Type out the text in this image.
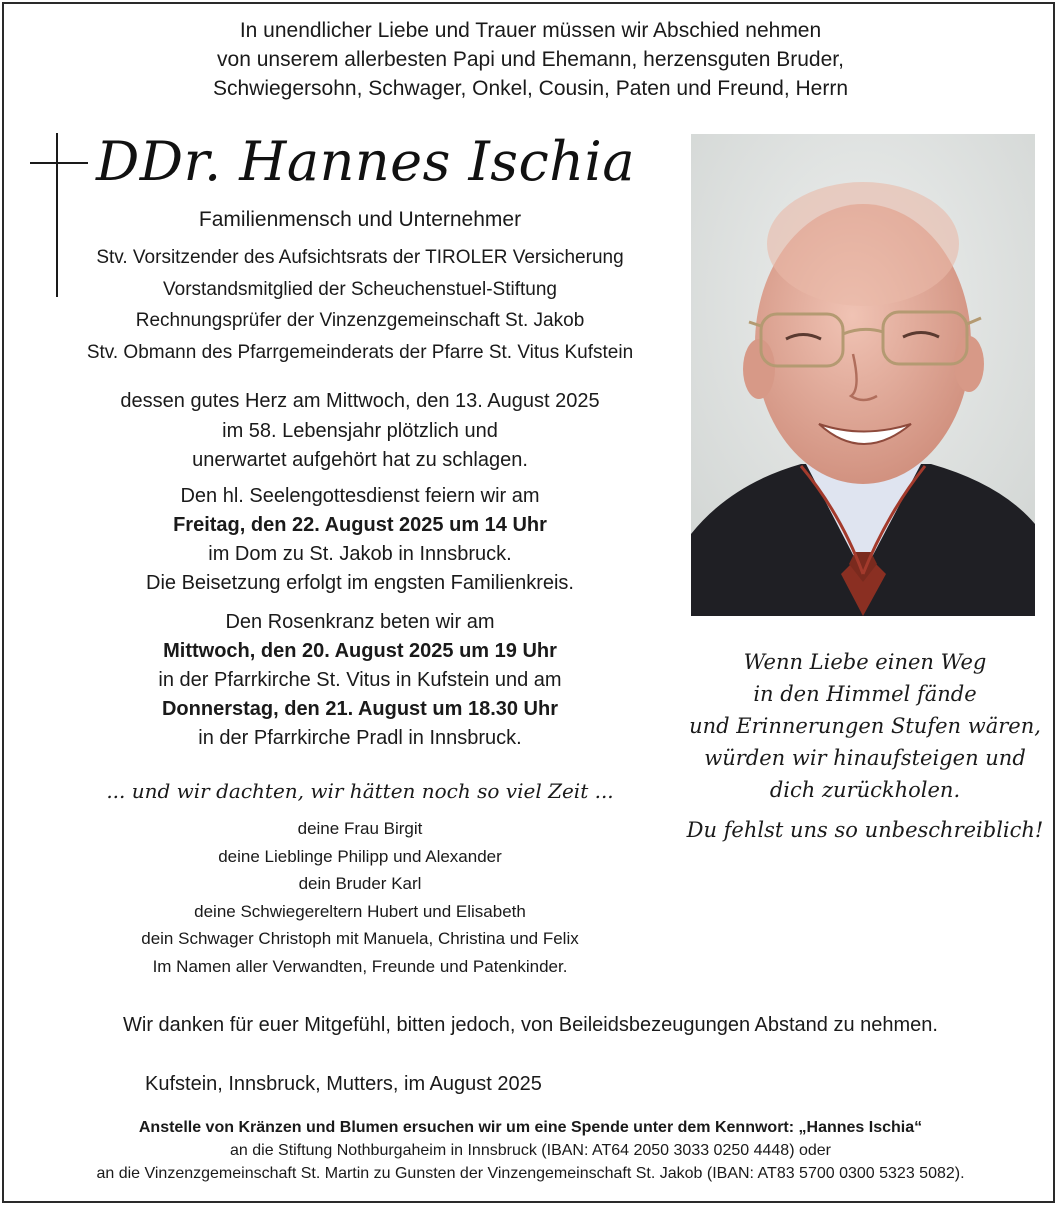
In unendlicher Liebe und Trauer müssen wir Abschied nehmen
von unserem allerbesten Papi und Ehemann, herzensguten Bruder,
Schwiegersohn, Schwager, Onkel, Cousin, Paten und Freund, Herrn
DDr. Hannes Ischia
Familienmensch und Unternehmer
Stv. Vorsitzender des Aufsichtsrats der TIROLER Versicherung
Vorstandsmitglied der Scheuchenstuel-Stiftung
Rechnungsprüfer der Vinzenzgemeinschaft St. Jakob
Stv. Obmann des Pfarrgemeinderats der Pfarre St. Vitus Kufstein
dessen gutes Herz am Mittwoch, den 13. August 2025
im 58. Lebensjahr plötzlich und
unerwartet aufgehört hat zu schlagen.
Den hl. Seelengottesdienst feiern wir am
Freitag, den 22. August 2025 um 14 Uhr
im Dom zu St. Jakob in Innsbruck.
Die Beisetzung erfolgt im engsten Familienkreis.
Den Rosenkranz beten wir am
Mittwoch, den 20. August 2025 um 19 Uhr
in der Pfarrkirche St. Vitus in Kufstein und am
Donnerstag, den 21. August um 18.30 Uhr
in der Pfarrkirche Pradl in Innsbruck.
... und wir dachten, wir hätten noch so viel Zeit ...
deine Frau Birgit
deine Lieblinge Philipp und Alexander
dein Bruder Karl
deine Schwiegereltern Hubert und Elisabeth
dein Schwager Christoph mit Manuela, Christina und Felix
Im Namen aller Verwandten, Freunde und Patenkinder.
Wenn Liebe einen Weg
in den Himmel fände
und Erinnerungen Stufen wären,
würden wir hinaufsteigen und
dich zurückholen.
Du fehlst uns so unbeschreiblich!
Wir danken für euer Mitgefühl, bitten jedoch, von Beileidsbezeugungen Abstand zu nehmen.
Kufstein, Innsbruck, Mutters, im August 2025
Anstelle von Kränzen und Blumen ersuchen wir um eine Spende unter dem Kennwort: „Hannes Ischia“
an die Stiftung Nothburgaheim in Innsbruck (IBAN: AT64 2050 3033 0250 4448) oder
an die Vinzenzgemeinschaft St. Martin zu Gunsten der Vinzengemeinschaft St. Jakob (IBAN: AT83 5700 0300 5323 5082).
